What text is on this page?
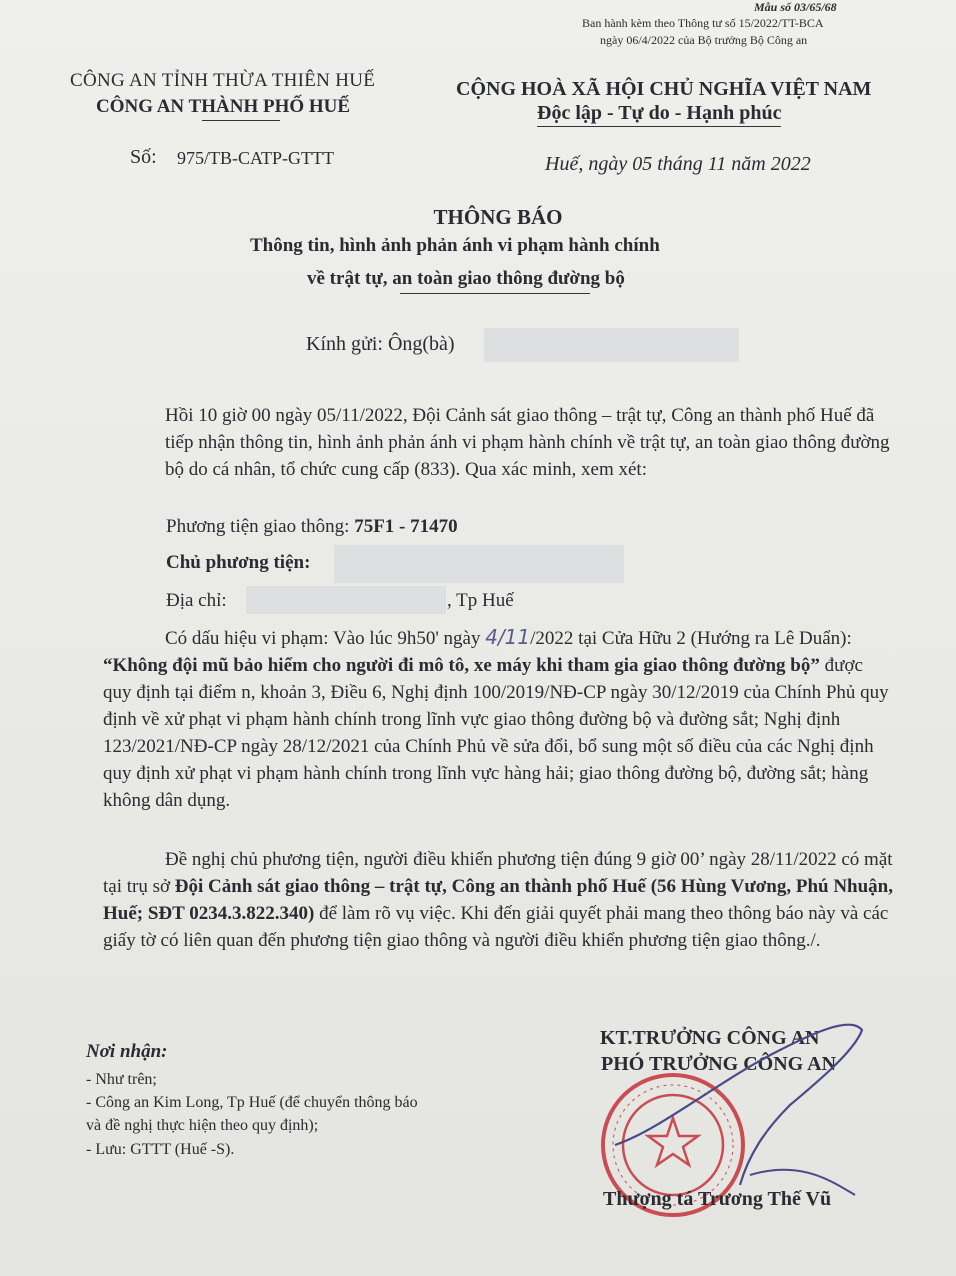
Mẫu số 03/65/68
Ban hành kèm theo Thông tư số 15/2022/TT-BCA
ngày 06/4/2022 của Bộ trưởng Bộ Công an
CÔNG AN TỈNH THỪA THIÊN HUẾ
CÔNG AN THÀNH PHỐ HUẾ
CỘNG HOÀ XÃ HỘI CHỦ NGHĨA VIỆT NAM
Độc lập - Tự do - Hạnh phúc
Số: 975/TB-CATP-GTTT	Huế, ngày 05 tháng 11 năm 2022
THÔNG BÁO
Thông tin, hình ảnh phản ánh vi phạm hành chính
về trật tự, an toàn giao thông đường bộ
Kính gửi: Ông(bà)
Hồi 10 giờ 00 ngày 05/11/2022, Đội Cảnh sát giao thông – trật tự, Công an thành phố Huế đã tiếp nhận thông tin, hình ảnh phản ánh vi phạm hành chính về trật tự, an toàn giao thông đường bộ do cá nhân, tổ chức cung cấp (833). Qua xác minh, xem xét:
Phương tiện giao thông: 75F1 - 71470
Chủ phương tiện:
Địa chỉ:	, Tp Huế
Có dấu hiệu vi phạm: Vào lúc 9h50' ngày 4/11/2022 tại Cửa Hữu 2 (Hướng ra Lê Duẩn): “Không đội mũ bảo hiểm cho người đi mô tô, xe máy khi tham gia giao thông đường bộ” được quy định tại điểm n, khoản 3, Điều 6, Nghị định 100/2019/NĐ-CP ngày 30/12/2019 của Chính Phủ quy định về xử phạt vi phạm hành chính trong lĩnh vực giao thông đường bộ và đường sắt; Nghị định 123/2021/NĐ-CP ngày 28/12/2021 của Chính Phủ về sửa đổi, bổ sung một số điều của các Nghị định quy định xử phạt vi phạm hành chính trong lĩnh vực hàng hải; giao thông đường bộ, đường sắt; hàng không dân dụng.
Đề nghị chủ phương tiện, người điều khiển phương tiện đúng 9 giờ 00’ ngày 28/11/2022 có mặt tại trụ sở Đội Cảnh sát giao thông – trật tự, Công an thành phố Huế (56 Hùng Vương, Phú Nhuận, Huế; SĐT 0234.3.822.340) để làm rõ vụ việc. Khi đến giải quyết phải mang theo thông báo này và các giấy tờ có liên quan đến phương tiện giao thông và người điều khiển phương tiện giao thông./.
Nơi nhận:
- Như trên;
- Công an Kim Long, Tp Huế (để chuyển thông báo
và đề nghị thực hiện theo quy định);
- Lưu: GTTT (Huế -S).
KT.TRƯỞNG CÔNG AN
PHÓ TRƯỞNG CÔNG AN
Thượng tá Trương Thế Vũ
